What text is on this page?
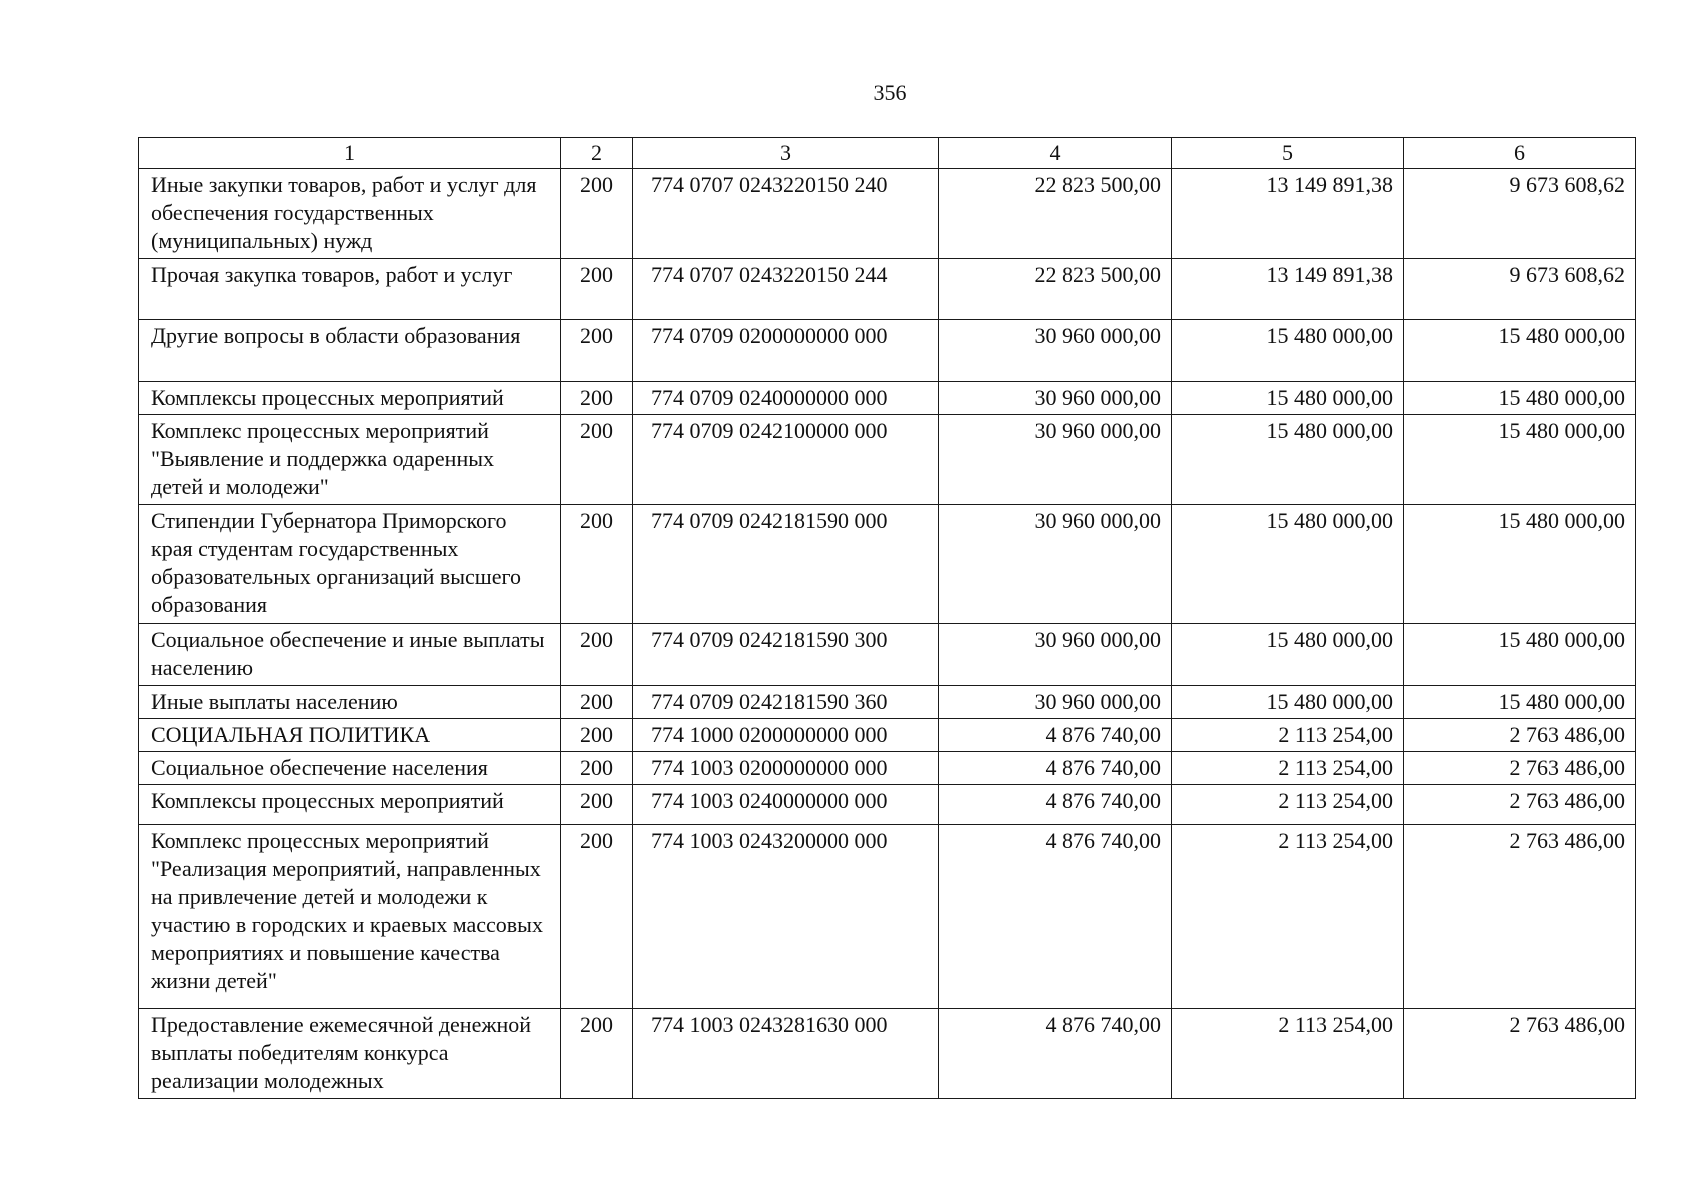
356
1	2	3	4	5	6
Иные закупки товаров, работ и услуг для обеспечения государственных (муниципальных) нужд	200	774 0707 0243220150 240	22 823 500,00	13 149 891,38	9 673 608,62
Прочая закупка товаров, работ и услуг	200	774 0707 0243220150 244	22 823 500,00	13 149 891,38	9 673 608,62
Другие вопросы в области образования	200	774 0709 0200000000 000	30 960 000,00	15 480 000,00	15 480 000,00
Комплексы процессных мероприятий	200	774 0709 0240000000 000	30 960 000,00	15 480 000,00	15 480 000,00
Комплекс процессных мероприятий "Выявление и поддержка одаренных детей и молодежи"	200	774 0709 0242100000 000	30 960 000,00	15 480 000,00	15 480 000,00
Стипендии Губернатора Приморского края студентам государственных образовательных организаций высшего образования	200	774 0709 0242181590 000	30 960 000,00	15 480 000,00	15 480 000,00
Социальное обеспечение и иные выплаты населению	200	774 0709 0242181590 300	30 960 000,00	15 480 000,00	15 480 000,00
Иные выплаты населению	200	774 0709 0242181590 360	30 960 000,00	15 480 000,00	15 480 000,00
СОЦИАЛЬНАЯ ПОЛИТИКА	200	774 1000 0200000000 000	4 876 740,00	2 113 254,00	2 763 486,00
Социальное обеспечение населения	200	774 1003 0200000000 000	4 876 740,00	2 113 254,00	2 763 486,00
Комплексы процессных мероприятий	200	774 1003 0240000000 000	4 876 740,00	2 113 254,00	2 763 486,00
Комплекс процессных мероприятий "Реализация мероприятий, направленных на привлечение детей и молодежи к участию в городских и краевых массовых мероприятиях и повышение качества жизни детей"	200	774 1003 0243200000 000	4 876 740,00	2 113 254,00	2 763 486,00
Предоставление ежемесячной денежной выплаты победителям конкурса реализации молодежных	200	774 1003 0243281630 000	4 876 740,00	2 113 254,00	2 763 486,00
